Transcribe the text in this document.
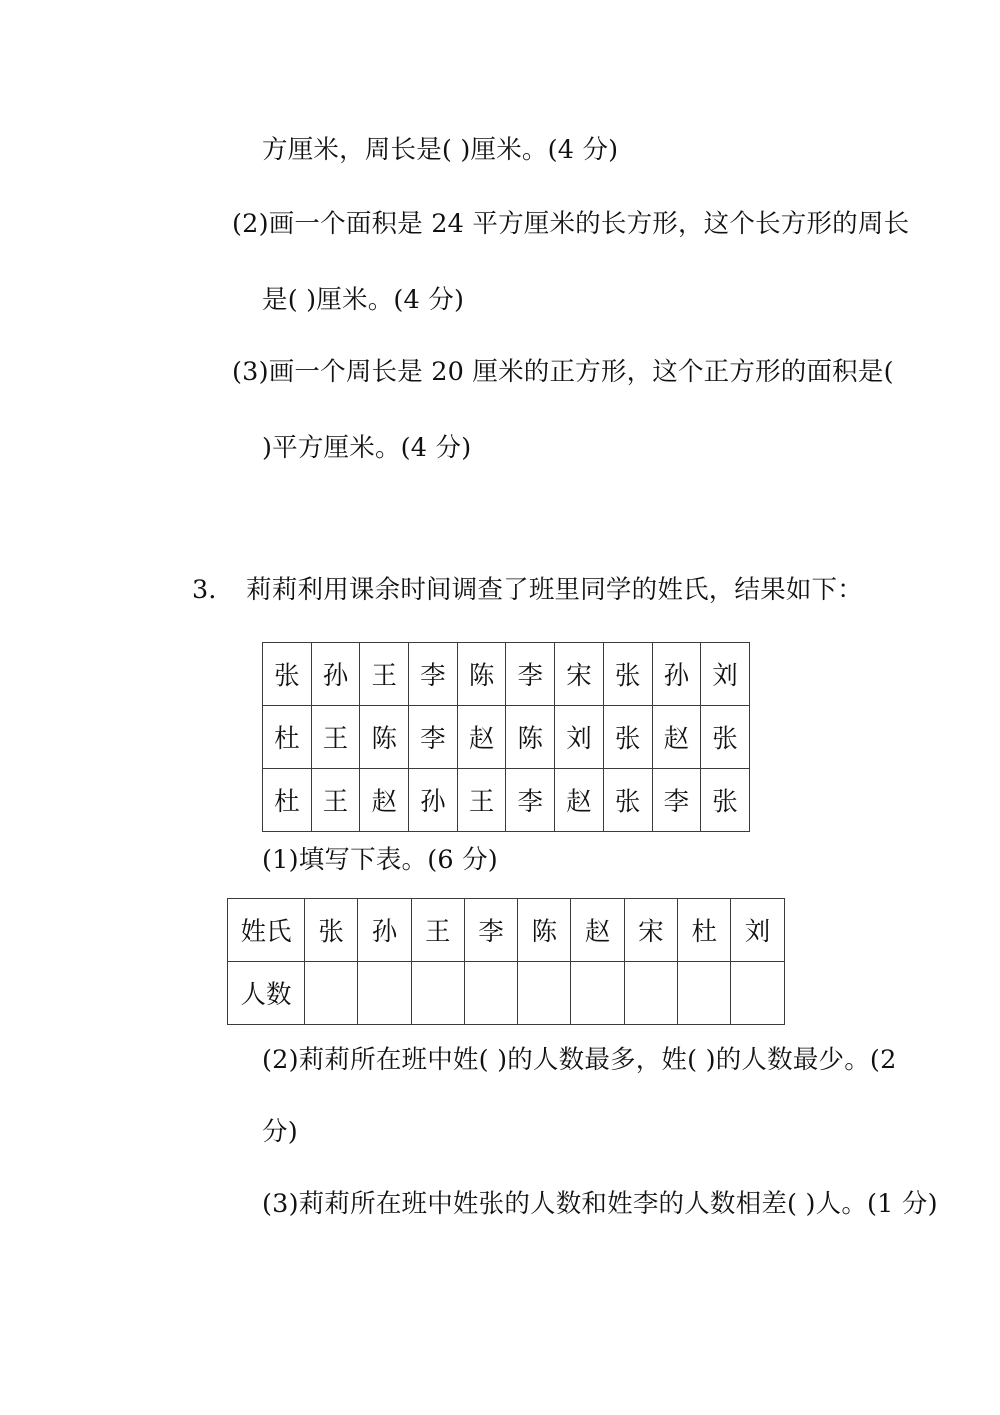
方厘米，周长是( )厘米。(4 分)
(2)画一个面积是 24 平方厘米的长方形，这个长方形的周长
是( )厘米。(4 分)
(3)画一个周长是 20 厘米的正方形，这个正方形的面积是(
)平方厘米。(4 分)
3． 莉莉利用课余时间调查了班里同学的姓氏，结果如下：
张	孙	王	李	陈	李	宋	张	孙	刘
杜	王	陈	李	赵	陈	刘	张	赵	张
杜	王	赵	孙	王	李	赵	张	李	张
(1)填写下表。(6 分)
姓氏	张	孙	王	李	陈	赵	宋	杜	刘
人数									
(2)莉莉所在班中姓( )的人数最多，姓( )的人数最少。(2
分)
(3)莉莉所在班中姓张的人数和姓李的人数相差( )人。(1 分)
